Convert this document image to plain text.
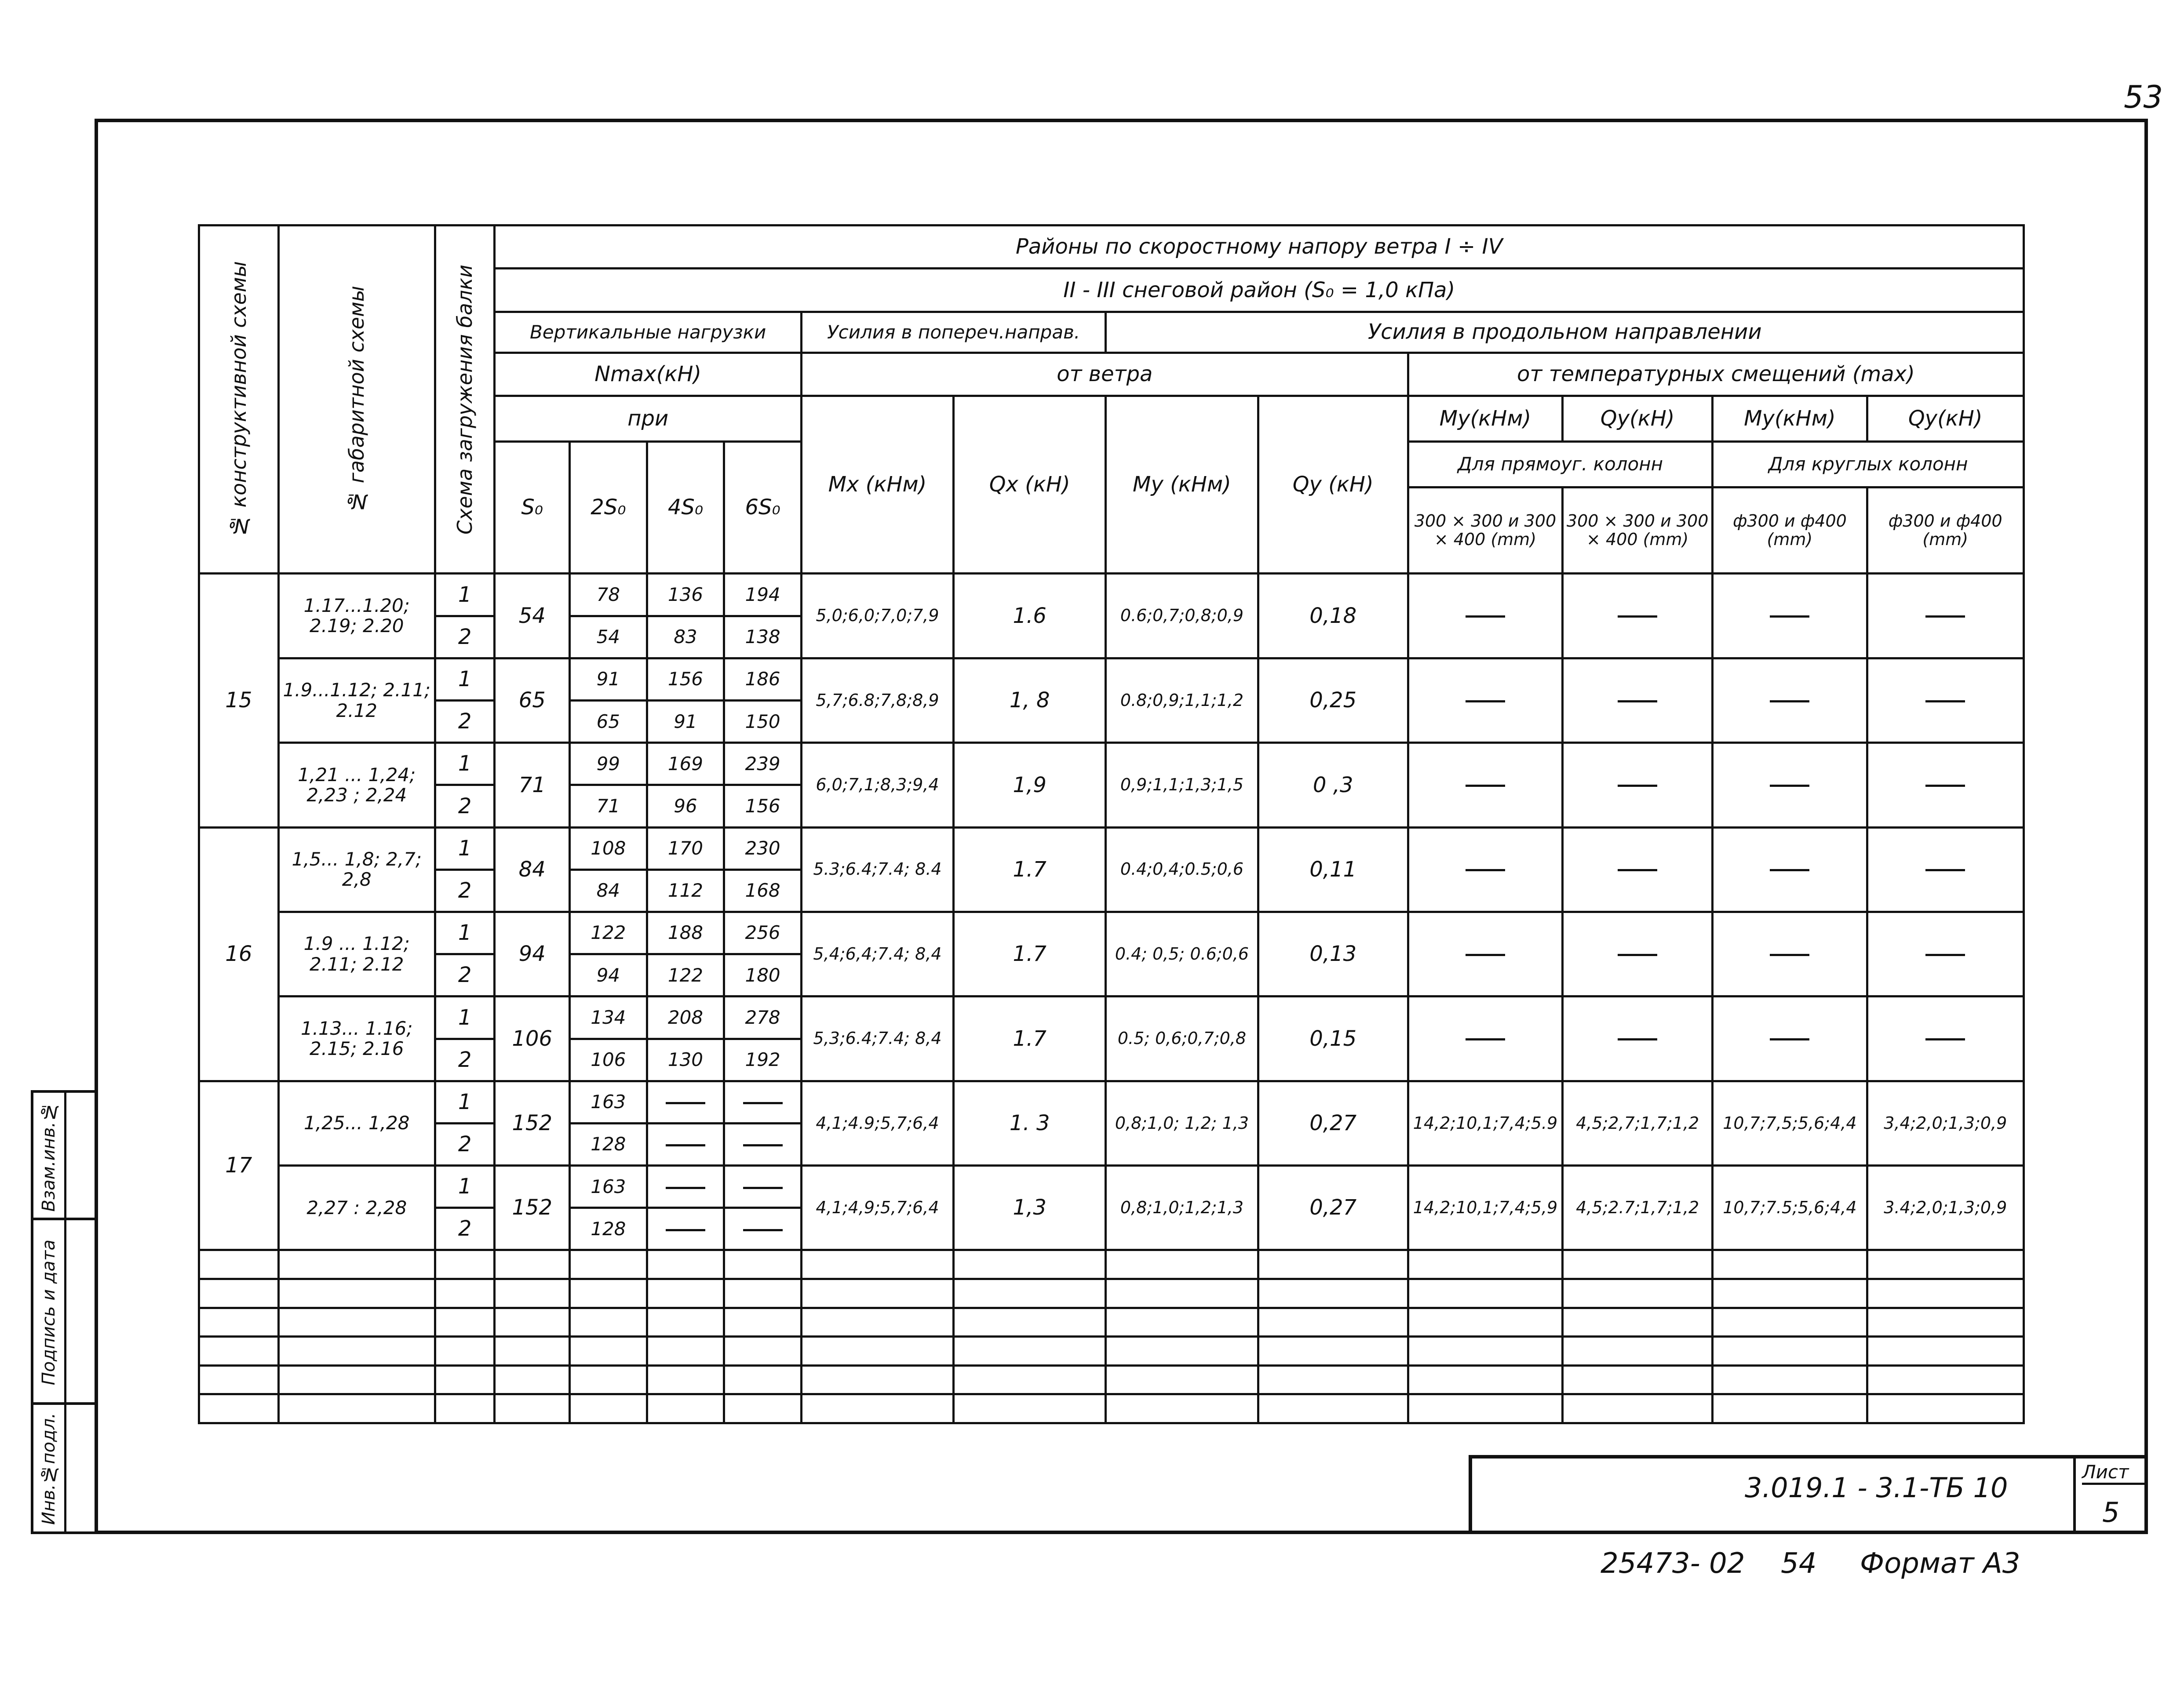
53
Взам.инв.№
Подпись и дата
Инв.№подл.
№ конструктивной схемы	№ габаритной схемы	Схема загружения балки	Районы по скоростному напору ветра I ÷ IV											
			II - III снеговой район (S₀ = 1,0 кПа)											
			Вертикальные нагрузки				Усилия в попереч.направ.		Усилия в продольном направлении					
			Nmax(кН)				от ветра				от температурных смещений (max)			
			при				Mx (кНм)	Qx (кН)	My (кНм)	Qy (кН)	My(кНм)	Qy(кН)	My(кНм)	Qy(кН)
			S₀	2S₀	4S₀	6S₀					Для прямоуг. колонн		Для круглых колонн	
											300 × 300 и 300 × 400 (mm)	300 × 300 и 300 × 400 (mm)	ф300 и ф400 (mm)	ф300 и ф400 (mm)

15	1.17...1.20; 2.19; 2.20	1	54	78	136	194	5,0;6,0;7,0;7,9	1.6	0.6;0,7;0,8;0,9	0,18				
		2		54	83	138								
	1.9...1.12; 2.11; 2.12	1	65	91	156	186	5,7;6.8;7,8;8,9	1, 8	0.8;0,9;1,1;1,2	0,25				
		2		65	91	150								
	1,21 ... 1,24; 2,23 ; 2,24	1	71	99	169	239	6,0;7,1;8,3;9,4	1,9	0,9;1,1;1,3;1,5	0 ,3				
		2		71	96	156								
16	1,5... 1,8; 2,7; 2,8	1	84	108	170	230	5.3;6.4;7.4; 8.4	1.7	0.4;0,4;0.5;0,6	0,11				
		2		84	112	168								
	1.9 ... 1.12; 2.11; 2.12	1	94	122	188	256	5,4;6,4;7.4; 8,4	1.7	0.4; 0,5; 0.6;0,6	0,13				
		2		94	122	180								
	1.13... 1.16; 2.15; 2.16	1	106	134	208	278	5,3;6.4;7.4; 8,4	1.7	0.5; 0,6;0,7;0,8	0,15				
		2		106	130	192								
17	1,25... 1,28	1	152	163			4,1;4.9;5,7;6,4	1. 3	0,8;1,0; 1,2; 1,3	0,27	14,2;10,1;7,4;5.9	4,5;2,7;1,7;1,2	10,7;7,5;5,6;4,4	3,4;2,0;1,3;0,9
		2		128										
	2,27 : 2,28	1	152	163			4,1;4,9;5,7;6,4	1,3	0,8;1,0;1,2;1,3	0,27	14,2;10,1;7,4;5,9	4,5;2.7;1,7;1,2	10,7;7.5;5,6;4,4	3.4;2,0;1,3;0,9
		2		128										

3.019.1 - 3.1-ТБ 10	Лист
5
25473- 02 54 Формат А3
